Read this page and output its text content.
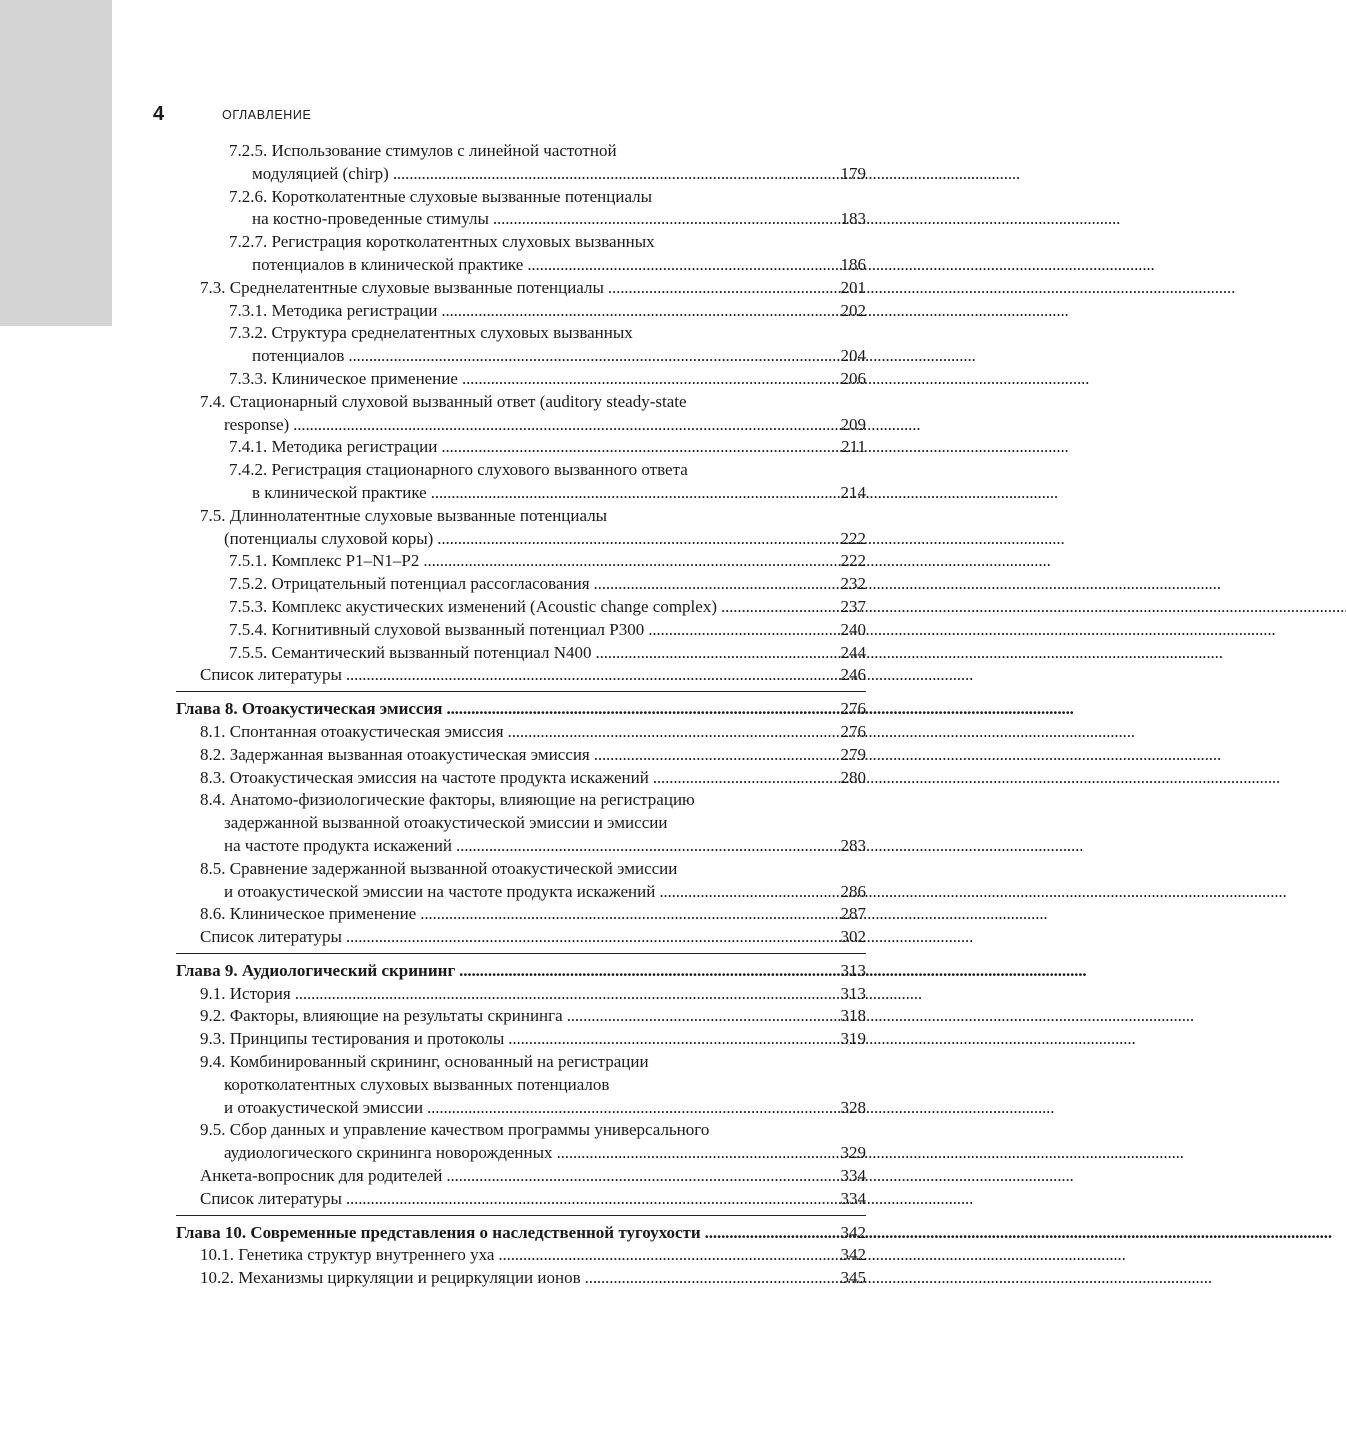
4	ОГЛАВЛЕНИЕ
7.2.5. Использование стимулов с линейной частотной
модуляцией (chirp) . . .	179
7.2.6. Коротколатентные слуховые вызванные потенциалы
на костно-проведенные стимулы . . .	183
7.2.7. Регистрация коротколатентных слуховых вызванных
потенциалов в клинической практике . . .	186
7.3. Среднелатентные слуховые вызванные потенциалы . . .	201
7.3.1. Методика регистрации . . .	202
7.3.2. Структура среднелатентных слуховых вызванных
потенциалов . . .	204
7.3.3. Клиническое применение . . .	206
7.4. Стационарный слуховой вызванный ответ (auditory steady-state
response) . . .	209
7.4.1. Методика регистрации . . .	211
7.4.2. Регистрация стационарного слухового вызванного ответа
в клинической практике . . .	214
7.5. Длиннолатентные слуховые вызванные потенциалы
(потенциалы слуховой коры) . . .	222
7.5.1. Комплекс P1–N1–P2 . . .	222
7.5.2. Отрицательный потенциал рассогласования . . .	232
7.5.3. Комплекс акустических изменений (Acoustic change complex) . . .	237
7.5.4. Когнитивный слуховой вызванный потенциал P300 . . .	240
7.5.5. Семантический вызванный потенциал N400 . . .	244
Список литературы . . .	246
Глава 8. Отоакустическая эмиссия . . .	276
8.1. Спонтанная отоакустическая эмиссия . . .	276
8.2. Задержанная вызванная отоакустическая эмиссия . . .	279
8.3. Отоакустическая эмиссия на частоте продукта искажений . . .	280
8.4. Анатомо-физиологические факторы, влияющие на регистрацию
задержанной вызванной отоакустической эмиссии и эмиссии
на частоте продукта искажений . . .	283
8.5. Сравнение задержанной вызванной отоакустической эмиссии
и отоакустической эмиссии на частоте продукта искажений . . .	286
8.6. Клиническое применение . . .	287
Список литературы . . .	302
Глава 9. Аудиологический скрининг . . .	313
9.1. История . . .	313
9.2. Факторы, влияющие на результаты скрининга . . .	318
9.3. Принципы тестирования и протоколы . . .	319
9.4. Комбинированный скрининг, основанный на регистрации
коротколатентных слуховых вызванных потенциалов
и отоакустической эмиссии . . .	328
9.5. Сбор данных и управление качеством программы универсального
аудиологического скрининга новорожденных . . .	329
Анкета-вопросник для родителей . . .	334
Список литературы . . .	334
Глава 10. Современные представления о наследственной тугоухости . . .	342
10.1. Генетика структур внутреннего уха . . .	342
10.2. Механизмы циркуляции и рециркуляции ионов . . .	345
